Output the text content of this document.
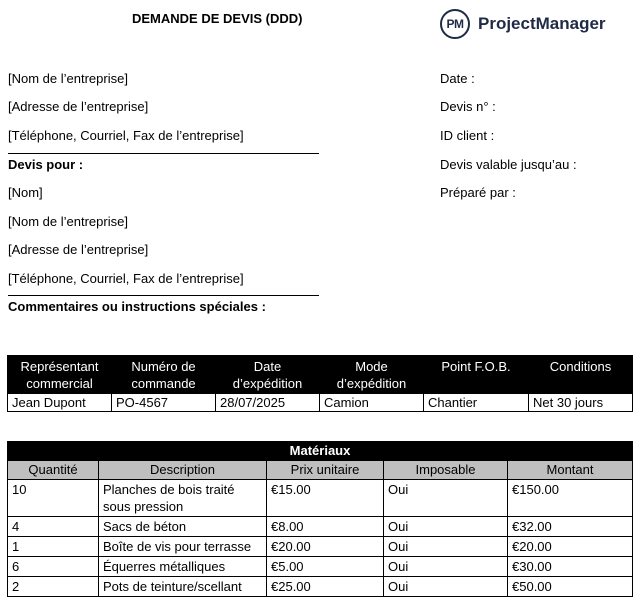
DEMANDE DE DEVIS (DDD)	PM ProjectManager
[Nom de l’entreprise]
[Adresse de l’entreprise]
[Téléphone, Courriel, Fax de l’entreprise]
Devis pour :
[Nom]
[Nom de l’entreprise]
[Adresse de l’entreprise]
[Téléphone, Courriel, Fax de l’entreprise]
Commentaires ou instructions spéciales :
Date :
Devis n° :
ID client :
Devis valable jusqu’au :
Préparé par :
Représentant commercial	Numéro de commande	Date d’expédition	Mode d’expédition	Point F.O.B.	Conditions
Jean Dupont	PO-4567	28/07/2025	Camion	Chantier	Net 30 jours
Matériaux				
Quantité	Description	Prix unitaire	Imposable	Montant
10	Planches de bois traité sous pression	€15.00	Oui	€150.00
4	Sacs de béton	€8.00	Oui	€32.00
1	Boîte de vis pour terrasse	€20.00	Oui	€20.00
6	Équerres métalliques	€5.00	Oui	€30.00
2	Pots de teinture/scellant	€25.00	Oui	€50.00
